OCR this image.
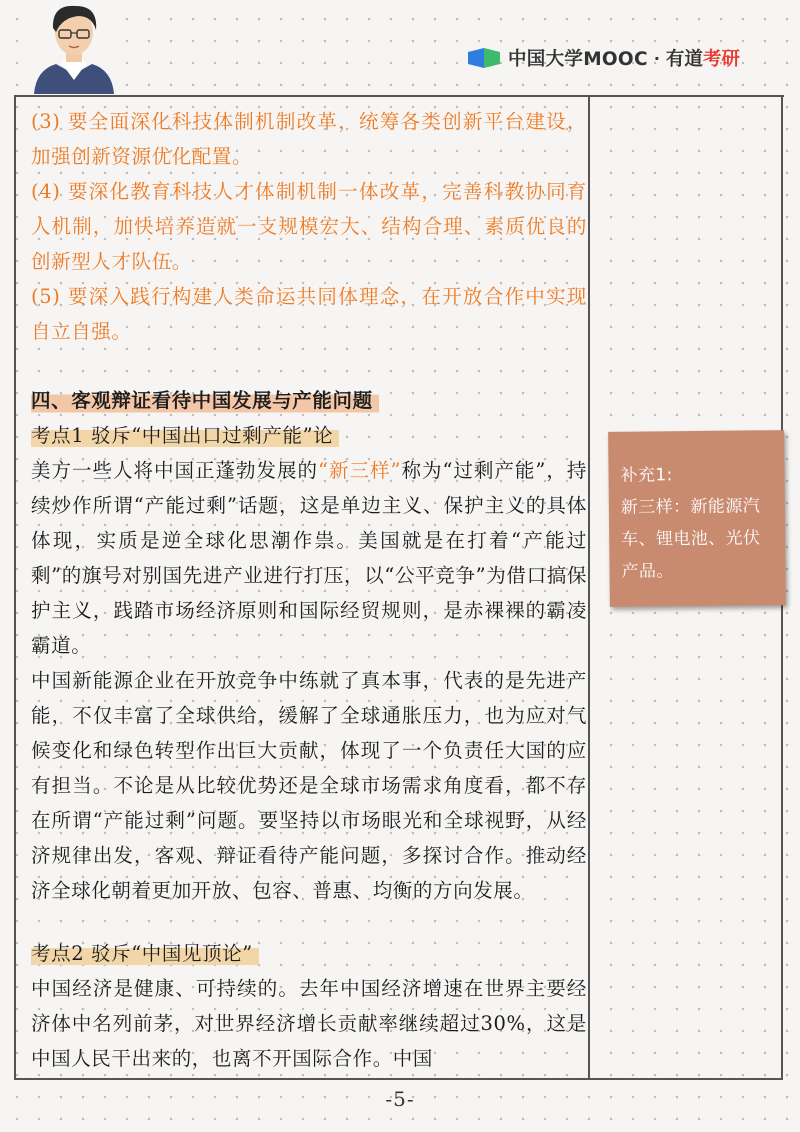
中国大学MOOC · 有道 考研
(3) 要全面深化科技体制机制改革，统筹各类创新平台建设，加强创新资源优化配置。
(4) 要深化教育科技人才体制机制一体改革，完善科教协同育人机制，加快培养造就一支规模宏大、结构合理、素质优良的创新型人才队伍。
(5) 要深入践行构建人类命运共同体理念，在开放合作中实现自立自强。
四、客观辩证看待中国发展与产能问题
考点1 驳斥“中国出口过剩产能”论
美方一些人将中国正蓬勃发展的“新三样”称为“过剩产能”，持续炒作所谓“产能过剩”话题，这是单边主义、保护主义的具体体现，实质是逆全球化思潮作祟。美国就是在打着“产能过剩”的旗号对别国先进产业进行打压，以“公平竞争”为借口搞保护主义，践踏市场经济原则和国际经贸规则，是赤裸裸的霸凌霸道。
中国新能源企业在开放竞争中练就了真本事，代表的是先进产能，不仅丰富了全球供给，缓解了全球通胀压力，也为应对气候变化和绿色转型作出巨大贡献，体现了一个负责任大国的应有担当。不论是从比较优势还是全球市场需求角度看，都不存在所谓“产能过剩”问题。要坚持以市场眼光和全球视野，从经济规律出发，客观、辩证看待产能问题，多探讨合作。推动经济全球化朝着更加开放、包容、普惠、均衡的方向发展。
考点2 驳斥“中国见顶论”
中国经济是健康、可持续的。去年中国经济增速在世界主要经济体中名列前茅，对世界经济增长贡献率继续超过30%，这是中国人民干出来的，也离不开国际合作。中国
补充1:
新三样：新能源汽车、锂电池、光伏产品。
-5-
